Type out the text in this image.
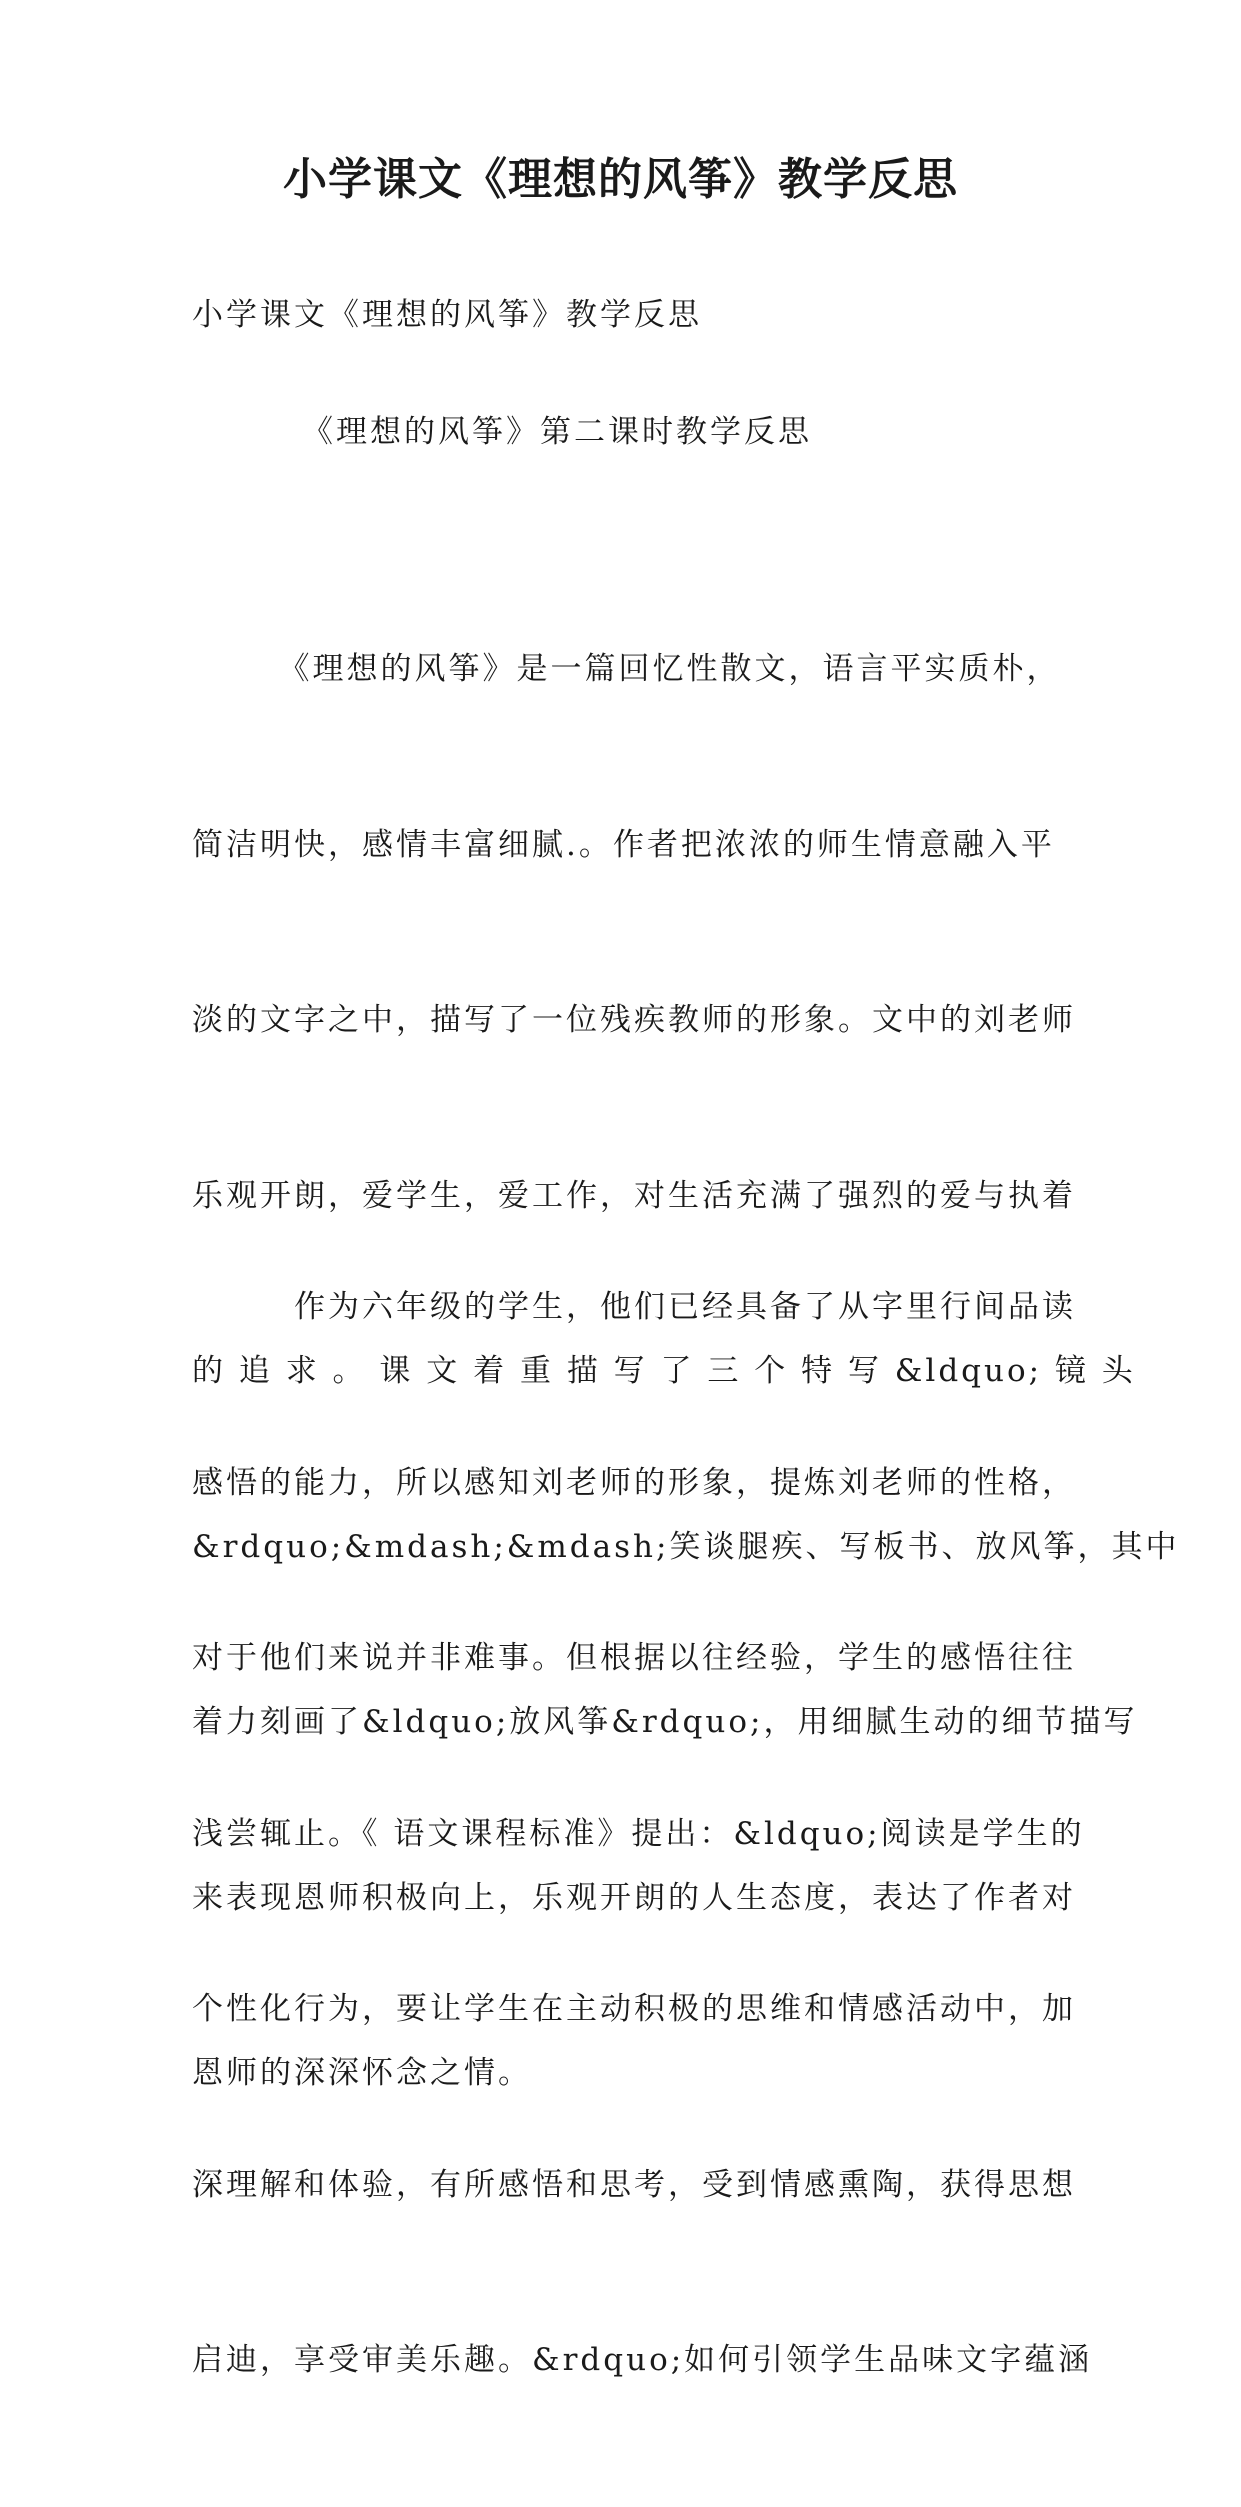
小学课文《理想的风筝》教学反思

小学课文《理想的风筝》教学反思

《理想的风筝》第二课时教学反思

　　　《理想的风筝》是一篇回忆性散文，语言平实质朴，

简洁明快，感情丰富细腻.。作者把浓浓的师生情意融入平

淡的文字之中，描写了一位残疾教师的形象。文中的刘老师

乐观开朗，爱学生，爱工作，对生活充满了强烈的爱与执着

的 追 求 。 课 文 着 重 描 写 了 三 个 特 写 &ldquo; 镜 头

&rdquo;&mdash;&mdash;笑谈腿疾、写板书、放风筝，其中

着力刻画了&ldquo;放风筝&rdquo;，用细腻生动的细节描写

来表现恩师积极向上，乐观开朗的人生态度，表达了作者对

恩师的深深怀念之情。

　　　作为六年级的学生，他们已经具备了从字里行间品读

感悟的能力，所以感知刘老师的形象，提炼刘老师的性格，

对于他们来说并非难事。但根据以往经验，学生的感悟往往

浅尝辄止。《 语文课程标准》提出：&ldquo;阅读是学生的

个性化行为，要让学生在主动积极的思维和情感活动中，加

深理解和体验，有所感悟和思考，受到情感熏陶，获得思想

启迪，享受审美乐趣。&rdquo;如何引领学生品味文字蕴涵
